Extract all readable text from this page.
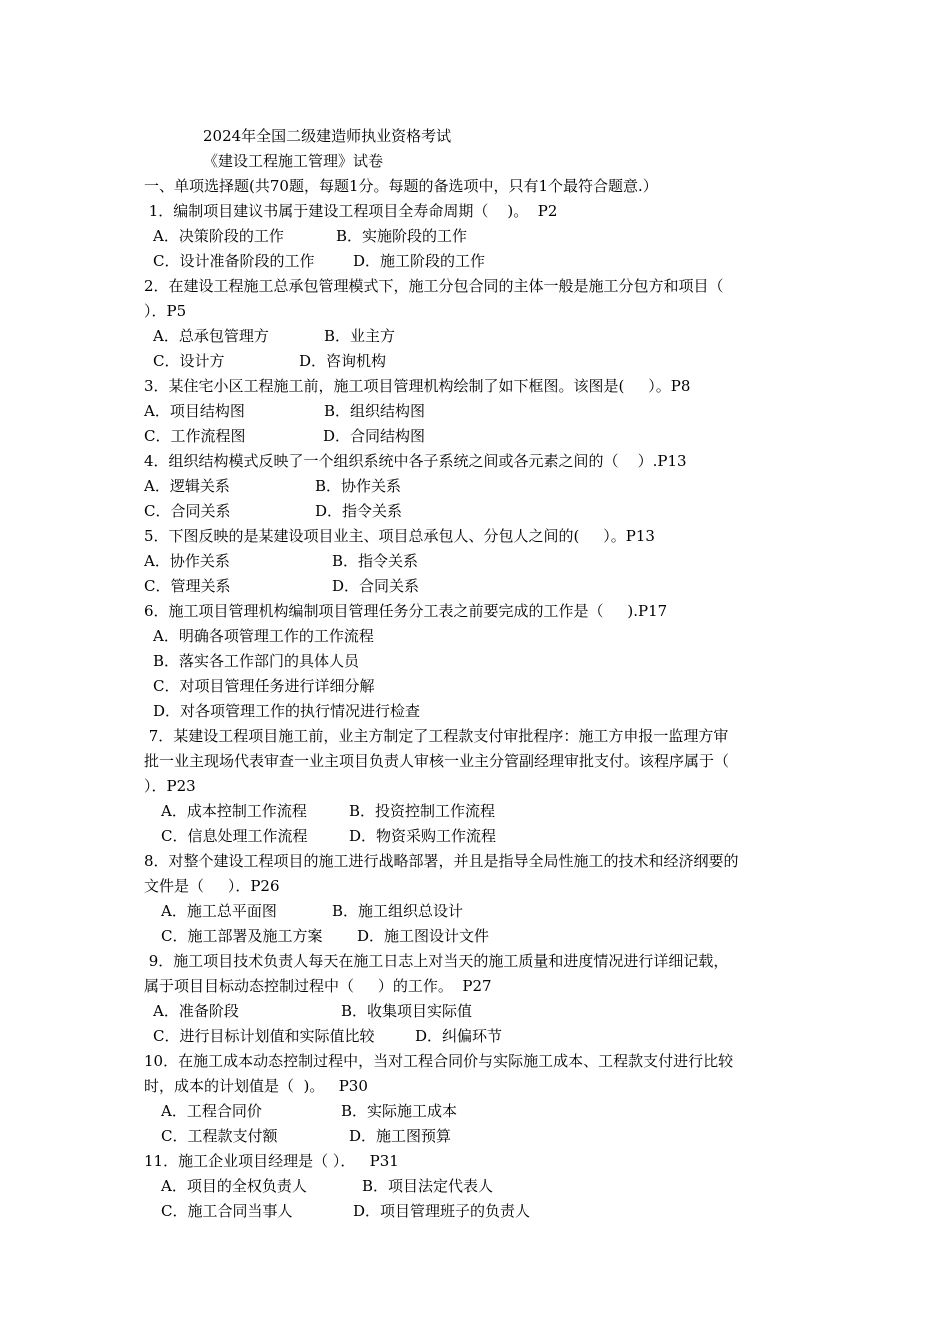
2024年全国二级建造师执业资格考试
《建设工程施工管理》试卷
一、单项选择题(共70题，每题1分。每题的备选项中，只有1个最符合题意.）
1．编制项目建议书属于建设工程项目全寿命周期（    )。  P2
A．决策阶段的工作	B．实施阶段的工作
C．设计准备阶段的工作	D．施工阶段的工作
2．在建设工程施工总承包管理模式下，施工分包合同的主体一般是施工分包方和项目（
）．P5
A．总承包管理方	B．业主方
C．设计方	D．咨询机构
3．某住宅小区工程施工前，施工项目管理机构绘制了如下框图。该图是(     ）。P8
A．项目结构图	B．组织结构图
C．工作流程图	D．合同结构图
4．组织结构模式反映了一个组织系统中各子系统之间或各元素之间的（    ）.P13
A．逻辑关系	B．协作关系
C．合同关系	D．指令关系
5．下图反映的是某建设项目业主、项目总承包人、分包人之间的(     ）。P13
A．协作关系	B．指令关系
C．管理关系	D．合同关系
6．施工项目管理机构编制项目管理任务分工表之前要完成的工作是（     ).P17
A．明确各项管理工作的工作流程
B．落实各工作部门的具体人员
C．对项目管理任务进行详细分解
D．对各项管理工作的执行情况进行检查
7．某建设工程项目施工前，业主方制定了工程款支付审批程序：施工方申报一监理方审
批一业主现场代表审查一业主项目负责人审核一业主分管副经理审批支付。该程序属于（
）．P23
A．成本控制工作流程	B．投资控制工作流程
C．信息处理工作流程	D．物资采购工作流程
8．对整个建设工程项目的施工进行战略部署，并且是指导全局性施工的技术和经济纲要的
文件是（     ）．P26
A．施工总平面图	B．施工组织总设计
C．施工部署及施工方案 D．施工图设计文件
9．施工项目技术负责人每天在施工日志上对当天的施工质量和进度情况进行详细记载，
属于项目目标动态控制过程中（     ）的工作。  P27
A．准备阶段	B．收集项目实际值
C．进行目标计划值和实际值比较	D．纠偏环节
10．在施工成本动态控制过程中，当对工程合同价与实际施工成本、工程款支付进行比较
时，成本的计划值是（  )。   P30
A．工程合同价	B．实际施工成本
C．工程款支付额	D．施工图预算
11．施工企业项目经理是（ ）．   P31
A．项目的全权负责人	B．项目法定代表人
C．施工合同当事人	D．项目管理班子的负责人
